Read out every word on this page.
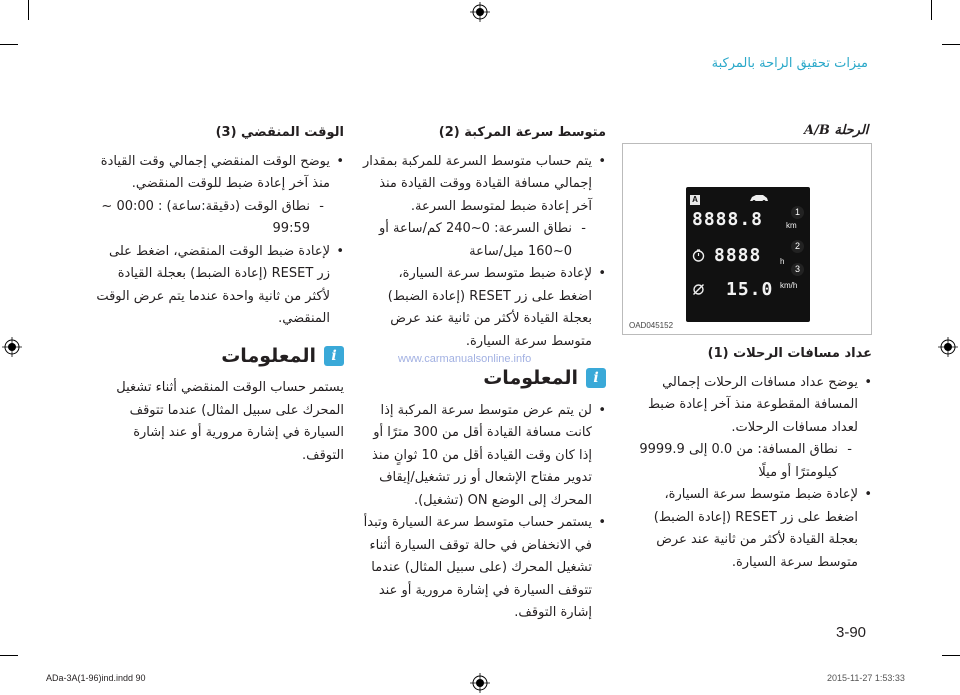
ميزات تحقيق الراحة بالمركبة
A/B الرحلة
A
8888.8	km
8888 h
15.0 km/h
1
2
3
OAD045152
عداد مسافات الرحلات (1)
• يوضح عداد مسافات الرحلات إجمالي المسافة المقطوعة منذ آخر إعادة ضبط لعداد مسافات الرحلات.
- نطاق المسافة: من 0.0 إلى 9999.9 كيلومترًا أو ميلًا
• لإعادة ضبط متوسط سرعة السيارة، اضغط على زر RESET (إعادة الضبط) بعجلة القيادة لأكثر من ثانية عند عرض متوسط سرعة السيارة.
متوسط سرعة المركبة (2)
• يتم حساب متوسط السرعة للمركبة بمقدار إجمالي مسافة القيادة ووقت القيادة منذ آخر إعادة ضبط لمتوسط السرعة.
- نطاق السرعة: 0~240 كم/ساعة أو

0~160 ميل/ساعة

• لإعادة ضبط متوسط سرعة السيارة، اضغط على زر RESET (إعادة الضبط) بعجلة القيادة لأكثر من ثانية عند عرض متوسط سرعة السيارة.
i
المعلومات
• لن يتم عرض متوسط سرعة المركبة إذا كانت مسافة القيادة أقل من 300 مترًا أو إذا كان وقت القيادة أقل من 10 ثوانٍ منذ تدوير مفتاح الإشعال أو زر تشغيل/إيقاف المحرك إلى الوضع ON (تشغيل).
• يستمر حساب متوسط سرعة السيارة وتبدأ في الانخفاض في حالة توقف السيارة أثناء تشغيل المحرك (على سبيل المثال) عندما تتوقف السيارة في إشارة مرورية أو عند إشارة التوقف.
الوقت المنقضي (3)
• يوضح الوقت المنقضي إجمالي وقت القيادة منذ آخر إعادة ضبط للوقت المنقضي.
- نطاق الوقت (دقيقة:ساعة) : 00:00 ~ 99:59
• لإعادة ضبط الوقت المنقضي، اضغط على زر RESET (إعادة الضبط) بعجلة القيادة لأكثر من ثانية واحدة عندما يتم عرض الوقت المنقضي.
i
المعلومات

يستمر حساب الوقت المنقضي أثناء تشغيل المحرك على سبيل المثال) عندما تتوقف السيارة في إشارة مرورية أو عند إشارة التوقف.

www.carmanualsonline.info
3-90
ADa-3A(1-96)ind.indd 90	2015-11-27 1:53:33
